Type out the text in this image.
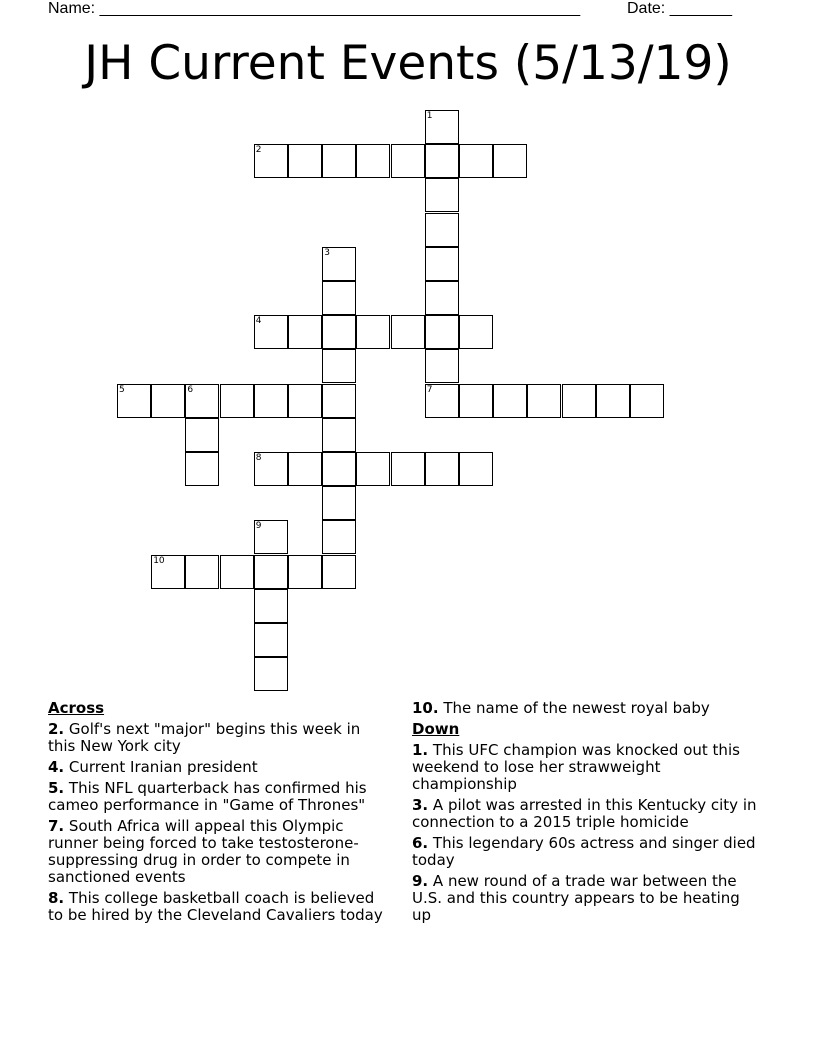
Name: ______________________________________________________	Date: _______
JH Current Events (5/13/19)
1
2
3
4
5	6	7
8
9
10
Across
2. Golf's next "major" begins this week in this New York city
4. Current Iranian president
5. This NFL quarterback has confirmed his cameo performance in "Game of Thrones"
7. South Africa will appeal this Olympic runner being forced to take testosterone-suppressing drug in order to compete in sanctioned events
8. This college basketball coach is believed to be hired by the Cleveland Cavaliers today
10. The name of the newest royal baby
Down
1. This UFC champion was knocked out this weekend to lose her strawweight championship
3. A pilot was arrested in this Kentucky city in connection to a 2015 triple homicide
6. This legendary 60s actress and singer died today
9. A new round of a trade war between the U.S. and this country appears to be heating up
